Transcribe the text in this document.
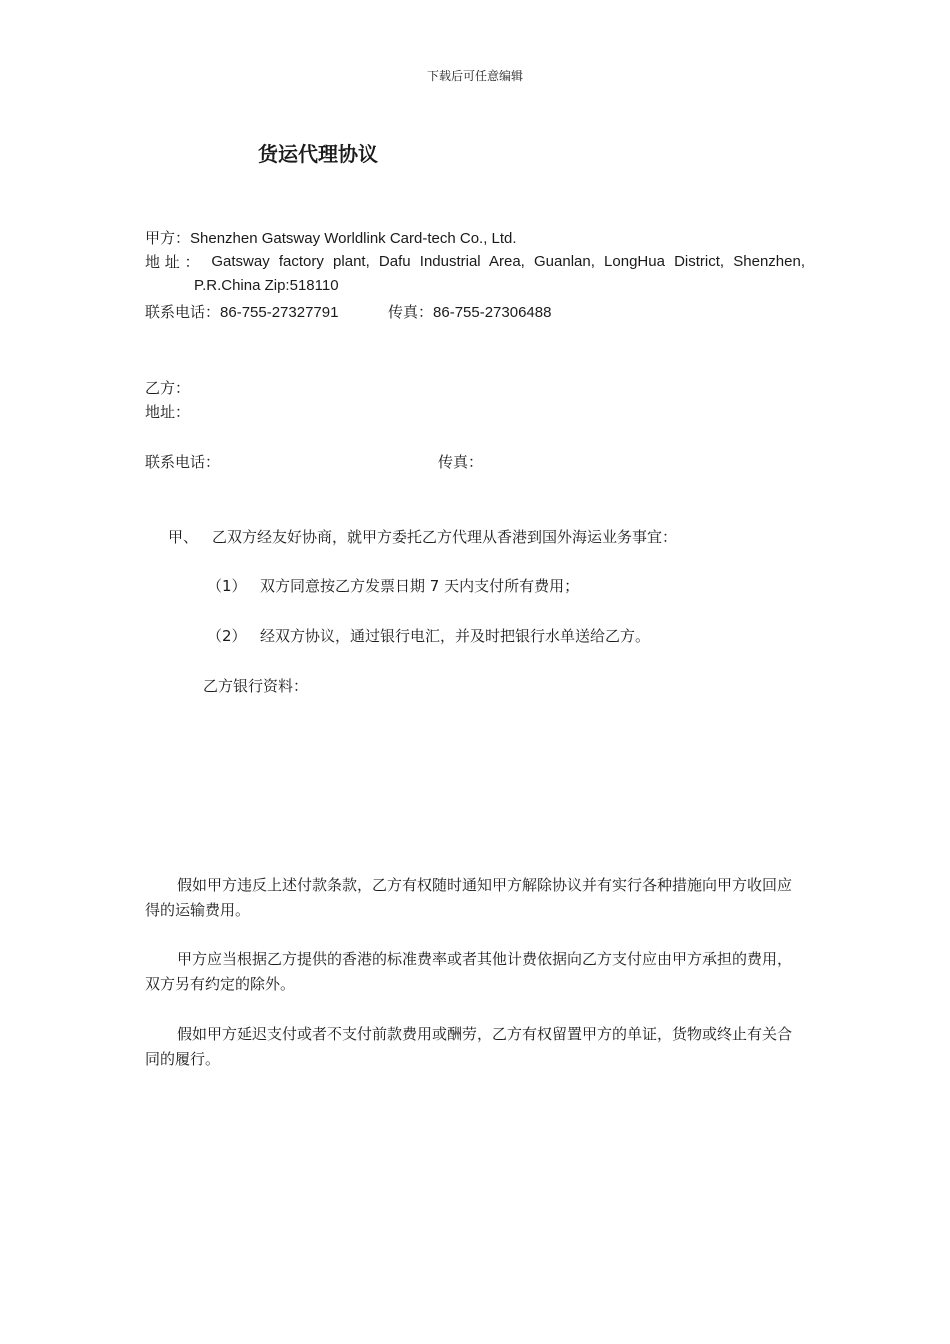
下载后可任意编辑
货运代理协议
甲方：Shenzhen Gatsway Worldlink Card-tech Co., Ltd.
地 址 ： Gatsway factory plant, Dafu Industrial Area, Guanlan, LongHua District, Shenzhen,
P.R.China Zip:518110
联系电话：86-755-27327791	传真：86-755-27306488
乙方：
地址：
联系电话：	传真：
甲、 乙双方经友好协商，就甲方委托乙方代理从香港到国外海运业务事宜：
（1） 双方同意按乙方发票日期 7 天内支付所有费用；
（2） 经双方协议，通过银行电汇，并及时把银行水单送给乙方。
乙方银行资料：
假如甲方违反上述付款条款，乙方有权随时通知甲方解除协议并有实行各种措施向甲方收回应得的运输费用。
甲方应当根据乙方提供的香港的标准费率或者其他计费依据向乙方支付应由甲方承担的费用，双方另有约定的除外。
假如甲方延迟支付或者不支付前款费用或酬劳，乙方有权留置甲方的单证，货物或终止有关合同的履行。
